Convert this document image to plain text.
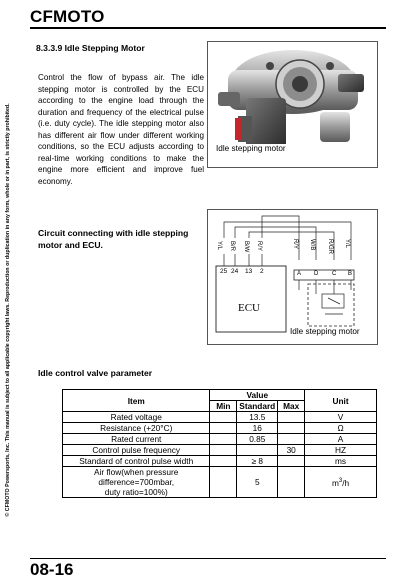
CFMOTO
© CFMOTO Powersports, Inc. This manual is subject to all applicable copyright laws. Reproduction or duplication in any form, whole or in part, is strictly prohibited.
8.3.3.9 Idle Stepping Motor
Control the flow of bypass air. The idle stepping motor is controlled by the ECU according to the engine load through the duration and frequency of the electrical pulse (i.e. duty cycle). The idle stepping motor also has different air flow under different working conditions, so the ECU adjusts according to real-time working conditions to make the engine more efficient and improve fuel economy.
Idle stepping motor
Circuit connecting with idle stepping motor and ECU.	Y/L B/R B/W R/Y
25 24 13 2
ECU
R/Y W/B R/GR Y/L
A D C B
Idle stepping motor
Idle control valve parameter
Item	Value			Unit
	Min	Standard	Max	
Rated voltage		13.5		V
Resistance (+20°C)		16		Ω
Rated current		0.85		A
Control pulse frequency			30	HZ
Standard of control pulse width		≥ 8		ms
Air flow(when pressure difference=700mbar,
duty ratio=100%)		5		$m^3/h$
08-16
